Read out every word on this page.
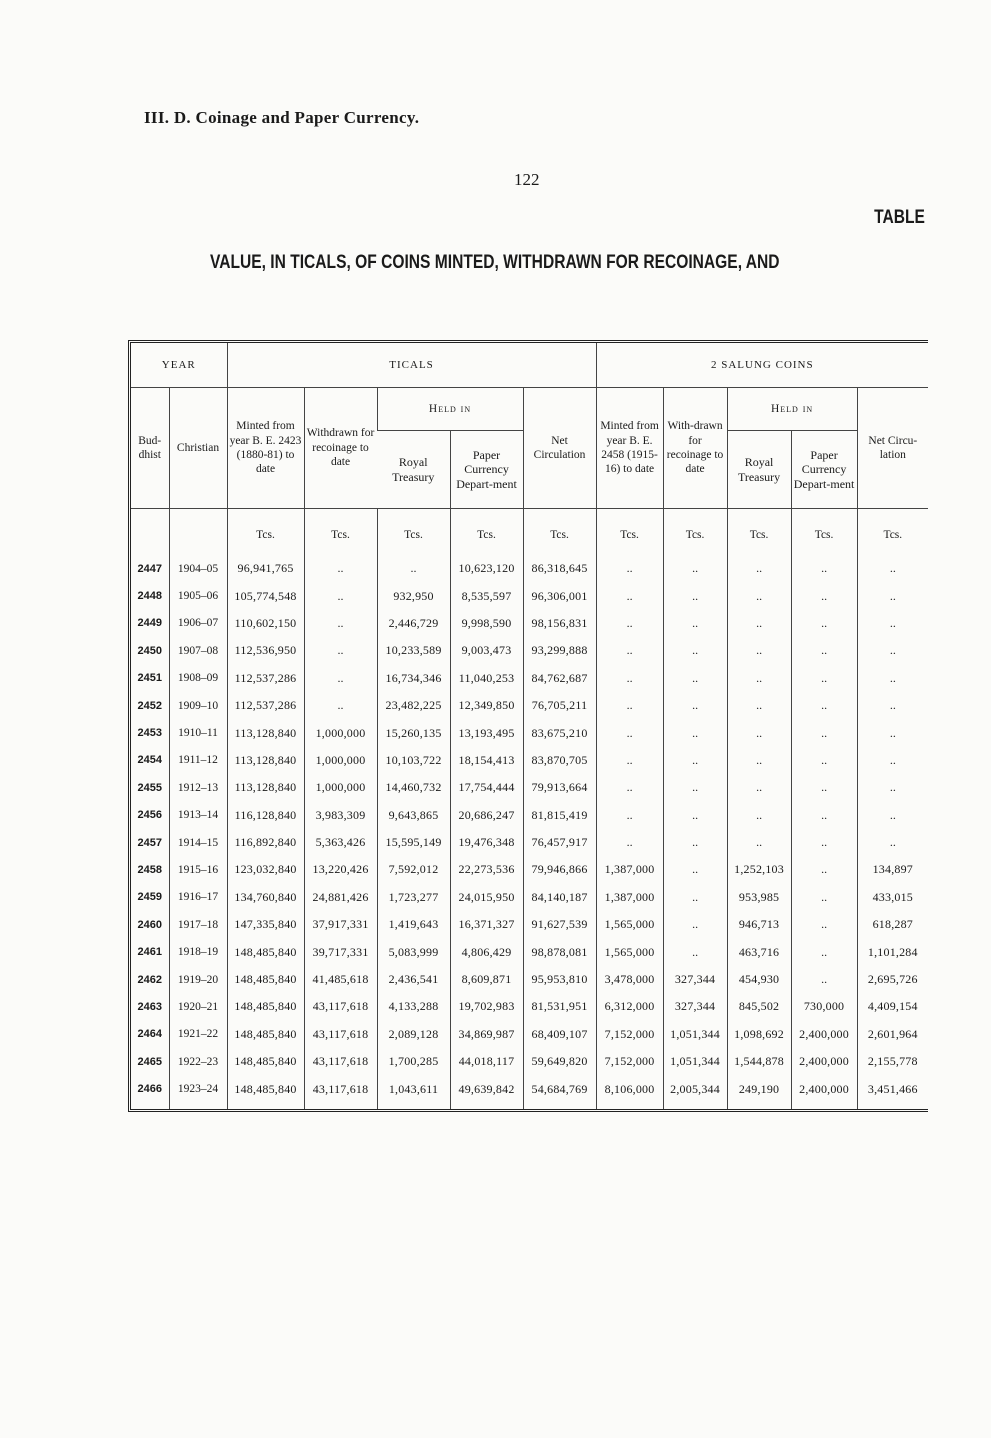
III. D. Coinage and Paper Currency.
122
TABLE
VALUE, IN TICALS, OF COINS MINTED, WITHDRAWN FOR RECOINAGE, AND
YEAR		TICALS					2 SALUNG COINS				
Bud-dhist	Christian	Minted from year B. E. 2423 (1880-81) to date	Withdrawn for recoinage to date	Held in		Net Circulation	Minted from year B. E. 2458 (1915-16) to date	With-drawn for recoinage to date	Held in		Net Circu-lation
				Royal Treasury	Paper Currency Depart-ment				Royal Treasury	Paper Currency Depart-ment	
		Tcs.	Tcs.	Tcs.	Tcs.	Tcs.	Tcs.	Tcs.	Tcs.	Tcs.	Tcs.
2447	1904–05	96,941,765	..	..	10,623,120	86,318,645	..	..	..	..	..
2448	1905–06	105,774,548	..	932,950	8,535,597	96,306,001	..	..	..	..	..
2449	1906–07	110,602,150	..	2,446,729	9,998,590	98,156,831	..	..	..	..	..
2450	1907–08	112,536,950	..	10,233,589	9,003,473	93,299,888	..	..	..	..	..
2451	1908–09	112,537,286	..	16,734,346	11,040,253	84,762,687	..	..	..	..	..
2452	1909–10	112,537,286	..	23,482,225	12,349,850	76,705,211	..	..	..	..	..
2453	1910–11	113,128,840	1,000,000	15,260,135	13,193,495	83,675,210	..	..	..	..	..
2454	1911–12	113,128,840	1,000,000	10,103,722	18,154,413	83,870,705	..	..	..	..	..
2455	1912–13	113,128,840	1,000,000	14,460,732	17,754,444	79,913,664	..	..	..	..	..
2456	1913–14	116,128,840	3,983,309	9,643,865	20,686,247	81,815,419	..	..	..	..	..
2457	1914–15	116,892,840	5,363,426	15,595,149	19,476,348	76,457,917	..	..	..	..	..
2458	1915–16	123,032,840	13,220,426	7,592,012	22,273,536	79,946,866	1,387,000	..	1,252,103	..	134,897
2459	1916–17	134,760,840	24,881,426	1,723,277	24,015,950	84,140,187	1,387,000	..	953,985	..	433,015
2460	1917–18	147,335,840	37,917,331	1,419,643	16,371,327	91,627,539	1,565,000	..	946,713	..	618,287
2461	1918–19	148,485,840	39,717,331	5,083,999	4,806,429	98,878,081	1,565,000	..	463,716	..	1,101,284
2462	1919–20	148,485,840	41,485,618	2,436,541	8,609,871	95,953,810	3,478,000	327,344	454,930	..	2,695,726
2463	1920–21	148,485,840	43,117,618	4,133,288	19,702,983	81,531,951	6,312,000	327,344	845,502	730,000	4,409,154
2464	1921–22	148,485,840	43,117,618	2,089,128	34,869,987	68,409,107	7,152,000	1,051,344	1,098,692	2,400,000	2,601,964
2465	1922–23	148,485,840	43,117,618	1,700,285	44,018,117	59,649,820	7,152,000	1,051,344	1,544,878	2,400,000	2,155,778
2466	1923–24	148,485,840	43,117,618	1,043,611	49,639,842	54,684,769	8,106,000	2,005,344	249,190	2,400,000	3,451,466
